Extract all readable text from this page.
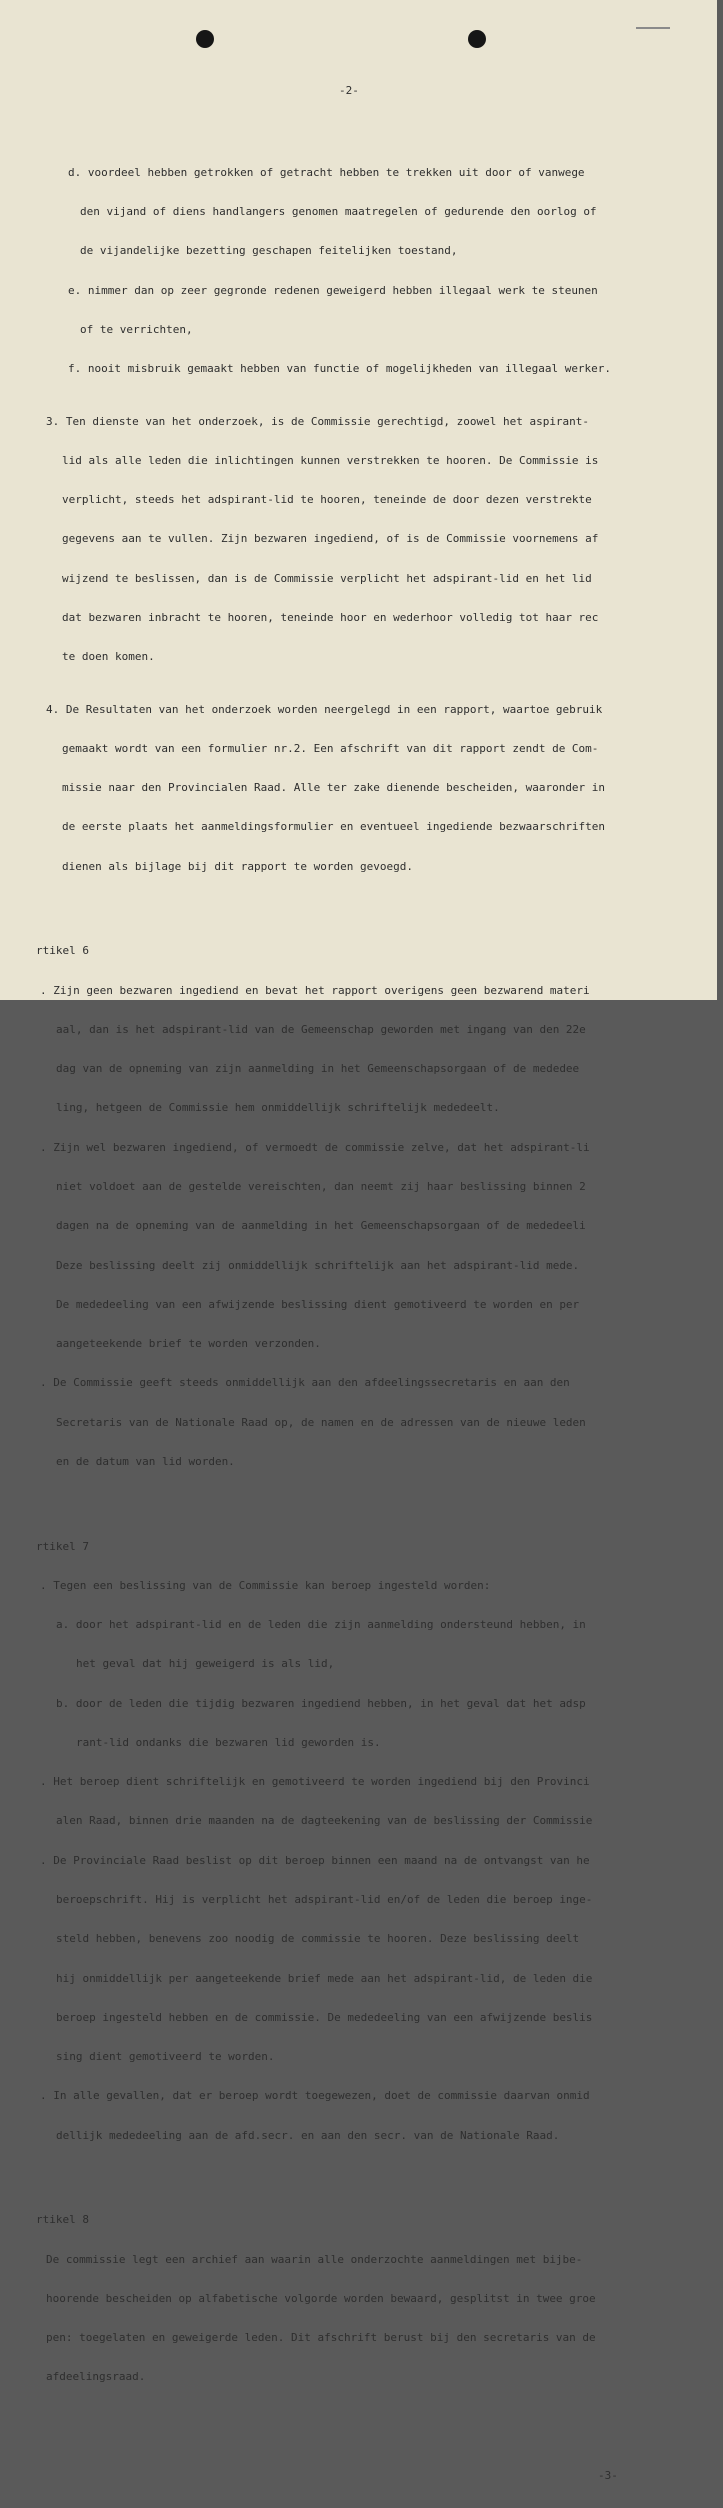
-2-

d. voordeel hebben getrokken of getracht hebben te trekken uit door of vanwege

den vijand of diens handlangers genomen maatregelen of gedurende den oorlog of

de vijandelijke bezetting geschapen feitelijken toestand,

e. nimmer dan op zeer gegronde redenen geweigerd hebben illegaal werk te steunen

of te verrichten,

f. nooit misbruik gemaakt hebben van functie of mogelijkheden van illegaal werker.

3. Ten dienste van het onderzoek, is de Commissie gerechtigd, zoowel het aspirant-

lid als alle leden die inlichtingen kunnen verstrekken te hooren. De Commissie is

verplicht, steeds het adspirant-lid te hooren, teneinde de door dezen verstrekte

gegevens aan te vullen. Zijn bezwaren ingediend, of is de Commissie voornemens af

wijzend te beslissen, dan is de Commissie verplicht het adspirant-lid en het lid

dat bezwaren inbracht te hooren, teneinde hoor en wederhoor volledig tot haar rec

te doen komen.

4. De Resultaten van het onderzoek worden neergelegd in een rapport, waartoe gebruik

gemaakt wordt van een formulier nr.2. Een afschrift van dit rapport zendt de Com-

missie naar den Provincialen Raad. Alle ter zake dienende bescheiden, waaronder in

de eerste plaats het aanmeldingsformulier en eventueel ingediende bezwaarschriften

dienen als bijlage bij dit rapport te worden gevoegd.

rtikel 6

. Zijn geen bezwaren ingediend en bevat het rapport overigens geen bezwarend materi

aal, dan is het adspirant-lid van de Gemeenschap geworden met ingang van den 22e

dag van de opneming van zijn aanmelding in het Gemeenschapsorgaan of de mededee

ling, hetgeen de Commissie hem onmiddellijk schriftelijk mededeelt.

. Zijn wel bezwaren ingediend, of vermoedt de commissie zelve, dat het adspirant-li

niet voldoet aan de gestelde vereischten, dan neemt zij haar beslissing binnen 2

dagen na de opneming van de aanmelding in het Gemeenschapsorgaan of de mededeeli

Deze beslissing deelt zij onmiddellijk schriftelijk aan het adspirant-lid mede.

De mededeeling van een afwijzende beslissing dient gemotiveerd te worden en per

aangeteekende brief te worden verzonden.

. De Commissie geeft steeds onmiddellijk aan den afdeelingssecretaris en aan den

Secretaris van de Nationale Raad op, de namen en de adressen van de nieuwe leden

en de datum van lid worden.

rtikel 7

. Tegen een beslissing van de Commissie kan beroep ingesteld worden:

a. door het adspirant-lid en de leden die zijn aanmelding ondersteund hebben, in

het geval dat hij geweigerd is als lid,

b. door de leden die tijdig bezwaren ingediend hebben, in het geval dat het adsp

rant-lid ondanks die bezwaren lid geworden is.

. Het beroep dient schriftelijk en gemotiveerd te worden ingediend bij den Provinci

alen Raad, binnen drie maanden na de dagteekening van de beslissing der Commissie

. De Provinciale Raad beslist op dit beroep binnen een maand na de ontvangst van he

beroepschrift. Hij is verplicht het adspirant-lid en/of de leden die beroep inge-

steld hebben, benevens zoo noodig de commissie te hooren. Deze beslissing deelt

hij onmiddellijk per aangeteekende brief mede aan het adspirant-lid, de leden die

beroep ingesteld hebben en de commissie. De mededeeling van een afwijzende beslis

sing dient gemotiveerd te worden.

. In alle gevallen, dat er beroep wordt toegewezen, doet de commissie daarvan onmid

dellijk mededeeling aan de afd.secr. en aan den secr. van de Nationale Raad.

rtikel 8

De commissie legt een archief aan waarin alle onderzochte aanmeldingen met bijbe-

hoorende bescheiden op alfabetische volgorde worden bewaard, gesplitst in twee groe

pen: toegelaten en geweigerde leden. Dit afschrift berust bij den secretaris van de

afdeelingsraad.

-3-
